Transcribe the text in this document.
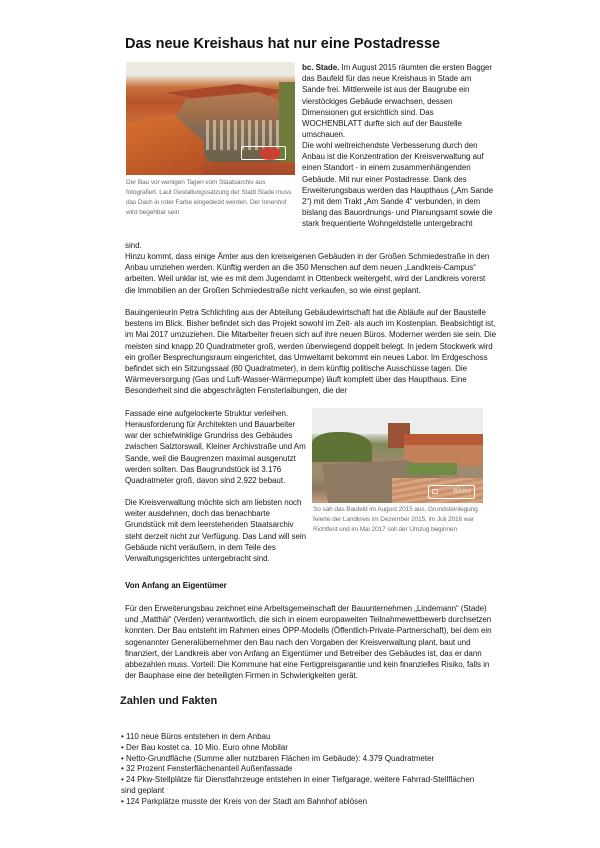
Das neue Kreishaus hat nur eine Postadresse
Der Bau vor wenigen Tagen vom Staatsarchiv aus fotografiert. Laut Gestaltungssatzung der Stadt Stade muss das Dach in roter Farbe eingedeckt werden. Der Innenhof wird begehbar sein
bc. Stade. Im August 2015 räumten die ersten Bagger das Baufeld für das neue Kreishaus in Stade am Sande frei. Mittlerweile ist aus der Baugrube ein vierstöckiges Gebäude erwachsen, dessen Dimensionen gut ersichtlich sind. Das WOCHENBLATT durfte sich auf der Baustelle umschauen.
Die wohl weitreichendste Verbesserung durch den Anbau ist die Konzentration der Kreisverwaltung auf einen Standort - in einem zusammenhängenden Gebäude. Mit nur einer Postadresse. Dank des Erweiterungsbaus werden das Haupthaus („Am Sande 2“) mit dem Trakt „Am Sande 4“ verbunden, in dem bislang das Bauordnungs- und Planungsamt sowie die stark frequentierte Wohngeldstelle untergebracht
sind.
Hinzu kommt, dass einige Ämter aus den kreiseigenen Gebäuden in der Großen Schmiedestraße in den Anbau umziehen werden. Künftig werden an die 350 Menschen auf dem neuen „Landkreis-Campus“ arbeiten. Weil unklar ist, wie es mit dem Jugendamt in Ottenbeck weitergeht, wird der Landkreis vorerst die Immobilien an der Großen Schmiedestraße nicht verkaufen, so wie einst geplant.
Bauingenieurin Petra Schlichting aus der Abteilung Gebäudewirtschaft hat die Abläufe auf der Baustelle bestens im Blick. Bisher befindet sich das Projekt sowohl im Zeit- als auch im Kostenplan. Beabsichtigt ist, im Mai 2017 umzuziehen. Die Mitarbeiter freuen sich auf ihre neuen Büros. Moderner werden sie sein. Die meisten sind knapp 20 Quadratmeter groß, werden überwiegend doppelt belegt. In jedem Stockwerk wird ein großer Besprechungsraum eingerichtet, das Umweltamt bekommt ein neues Labor. Im Erdgeschoss befindet sich ein Sitzungssaal (80 Quadratmeter), in dem künftig politische Ausschüsse tagen. Die Wärmeversorgung (Gas und Luft-Wasser-Wärmepumpe) läuft komplett über das Haupthaus. Eine Besonderheit sind die abgeschrägten Fensterlaibungen, die der
Fassade eine aufgelockerte Struktur verleihen.
Herausforderung für Architekten und Bauarbeiter war der schiefwinklige Grundriss des Gebäudes zwischen Salztorswall, Kleiner Archivstraße und Am Sande, weil die Baugrenzen maximal ausgenutzt werden sollten. Das Baugrundstück ist 3.176 Quadratmeter groß, davon sind 2.922 bebaut.
Die Kreisverwaltung möchte sich am liebsten noch weiter ausdehnen, doch das benachbarte Grundstück mit dem leerstehenden Staatsarchiv steht derzeit nicht zur Verfügung. Das Land will sein Gebäude nicht veräußern, in dem Teile des Verwaltungsgerichtes untergebracht sind.
Bilder
So sah das Baufeld im August 2015 aus. Grundsteinlegung feierte der Landkreis im Dezember 2015, im Juli 2016 war Richtfest und im Mai 2017 soll der Umzug beginnen
Von Anfang an Eigentümer
Für den Erweiterungsbau zeichnet eine Arbeitsgemeinschaft der Bauunternehmen „Lindemann“ (Stade) und „Matthäi“ (Verden) verantwortlich, die sich in einem europaweiten Teilnahmewettbewerb durchsetzen konnten. Der Bau entsteht im Rahmen eines ÖPP-Modells (Öffentlich-Private-Partnerschaft), bei dem ein sogenannter Generalübernehmer den Bau nach den Vorgaben der Kreisverwaltung plant, baut und finanziert, der Landkreis aber von Anfang an Eigentümer und Betreiber des Gebäudes ist, das er dann abbezahlen muss. Vorteil: Die Kommune hat eine Fertigpreisgarantie und kein finanzielles Risiko, falls in der Bauphase eine der beteiligten Firmen in Schwierigkeiten gerät.
Zahlen und Fakten
• 110 neue Büros entstehen in dem Anbau
• Der Bau kostet ca. 10 Mio. Euro ohne Mobilar
• Netto-Grundfläche (Summe aller nutzbaren Flächen im Gebäude): 4.379 Quadratmeter
• 32 Prozent Fensterflächenanteil Außenfassade
• 24 Pkw-Stellplätze für Dienstfahrzeuge entstehen in einer Tiefgarage, weitere Fahrrad-Stellflächen sind geplant
• 124 Parkplätze musste der Kreis von der Stadt am Bahnhof ablösen
